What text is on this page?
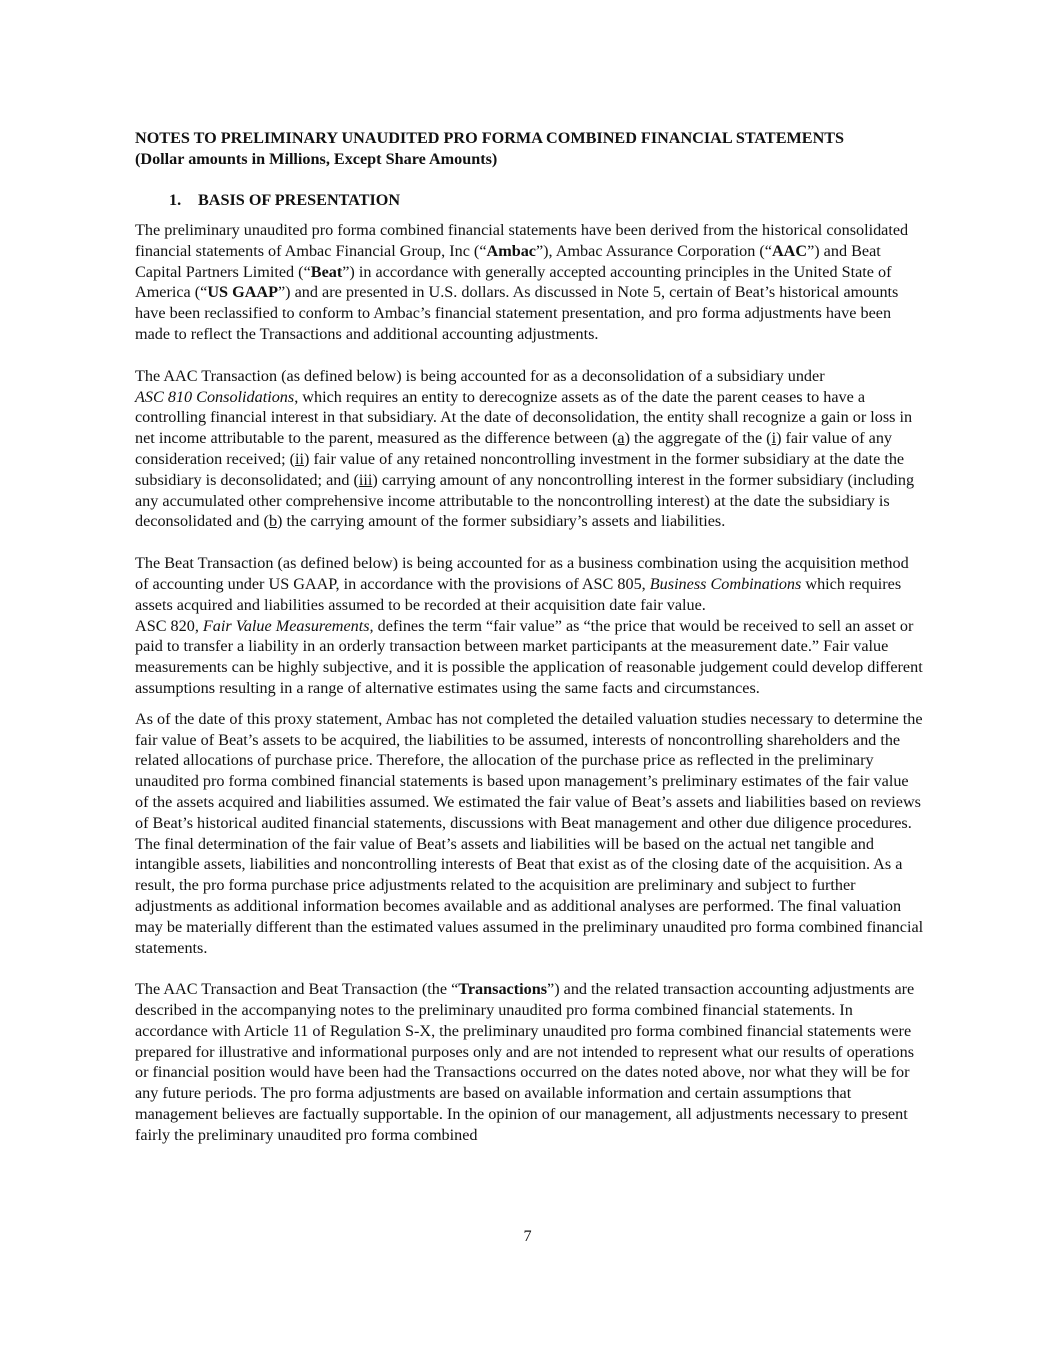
NOTES TO PRELIMINARY UNAUDITED PRO FORMA COMBINED FINANCIAL STATEMENTS

(Dollar amounts in Millions, Except Share Amounts)

1. BASIS OF PRESENTATION

The preliminary unaudited pro forma combined financial statements have been derived from the historical consolidated financial statements of Ambac Financial Group, Inc (“Ambac”), Ambac Assurance Corporation (“AAC”) and Beat Capital Partners Limited (“Beat”) in accordance with generally accepted accounting principles in the United State of America (“US GAAP”) and are presented in U.S. dollars. As discussed in Note 5, certain of Beat’s historical amounts have been reclassified to conform to Ambac’s financial statement presentation, and pro forma adjustments have been made to reflect the Transactions and additional accounting adjustments.

The AAC Transaction (as defined below) is being accounted for as a deconsolidation of a subsidiary under
ASC 810 Consolidations, which requires an entity to derecognize assets as of the date the parent ceases to have a controlling financial interest in that subsidiary. At the date of deconsolidation, the entity shall recognize a gain or loss in net income attributable to the parent, measured as the difference between (a) the aggregate of the (i) fair value of any consideration received; (ii) fair value of any retained noncontrolling investment in the former subsidiary at the date the subsidiary is deconsolidated; and (iii) carrying amount of any noncontrolling interest in the former subsidiary (including any accumulated other comprehensive income attributable to the noncontrolling interest) at the date the subsidiary is deconsolidated and (b) the carrying amount of the former subsidiary’s assets and liabilities.

The Beat Transaction (as defined below) is being accounted for as a business combination using the acquisition method of accounting under US GAAP, in accordance with the provisions of ASC 805, Business Combinations which requires assets acquired and liabilities assumed to be recorded at their acquisition date fair value.
ASC 820, Fair Value Measurements, defines the term “fair value” as “the price that would be received to sell an asset or paid to transfer a liability in an orderly transaction between market participants at the measurement date.” Fair value measurements can be highly subjective, and it is possible the application of reasonable judgement could develop different assumptions resulting in a range of alternative estimates using the same facts and circumstances.

As of the date of this proxy statement, Ambac has not completed the detailed valuation studies necessary to determine the fair value of Beat’s assets to be acquired, the liabilities to be assumed, interests of noncontrolling shareholders and the related allocations of purchase price. Therefore, the allocation of the purchase price as reflected in the preliminary unaudited pro forma combined financial statements is based upon management’s preliminary estimates of the fair value of the assets acquired and liabilities assumed. We estimated the fair value of Beat’s assets and liabilities based on reviews of Beat’s historical audited financial statements, discussions with Beat management and other due diligence procedures. The final determination of the fair value of Beat’s assets and liabilities will be based on the actual net tangible and intangible assets, liabilities and noncontrolling interests of Beat that exist as of the closing date of the acquisition. As a result, the pro forma purchase price adjustments related to the acquisition are preliminary and subject to further adjustments as additional information becomes available and as additional analyses are performed. The final valuation may be materially different than the estimated values assumed in the preliminary unaudited pro forma combined financial statements.

The AAC Transaction and Beat Transaction (the “Transactions”) and the related transaction accounting adjustments are described in the accompanying notes to the preliminary unaudited pro forma combined financial statements. In accordance with Article 11 of Regulation S-X, the preliminary unaudited pro forma combined financial statements were prepared for illustrative and informational purposes only and are not intended to represent what our results of operations or financial position would have been had the Transactions occurred on the dates noted above, nor what they will be for any future periods. The pro forma adjustments are based on available information and certain assumptions that management believes are factually supportable. In the opinion of our management, all adjustments necessary to present fairly the preliminary unaudited pro forma combined

7
